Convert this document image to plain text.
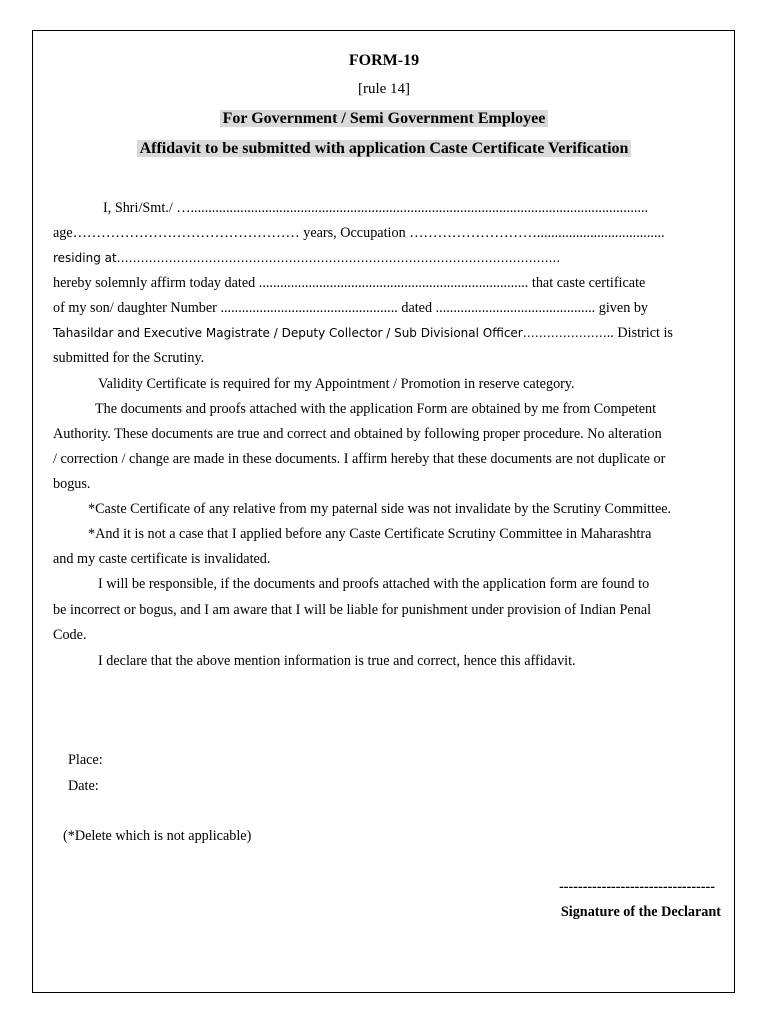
FORM-19
[rule 14]
For Government / Semi Government Employee
Affidavit to be submitted with application Caste Certificate Verification
I, Shri/Smt./ ….................................................................................................................................
age………………………………………… years, Occupation ………………………....................................
residing at………………………………………………………………………………………………...
hereby solemnly affirm today dated ............................................................................ that caste certificate
of my son/ daughter Number .................................................. dated ............................................. given by
Tahasildar and Executive Magistrate / Deputy Collector / Sub Divisional Officer………………….. District is
submitted for the Scrutiny.
Validity Certificate is required for my Appointment / Promotion in reserve category.
The documents and proofs attached with the application Form are obtained by me from Competent
Authority. These documents are true and correct and obtained by following proper procedure. No alteration
/ correction / change are made in these documents. I affirm hereby that these documents are not duplicate or
bogus.
*Caste Certificate of any relative from my paternal side was not invalidate by the Scrutiny Committee.
*And it is not a case that I applied before any Caste Certificate Scrutiny Committee in Maharashtra
and my caste certificate is invalidated.
I will be responsible, if the documents and proofs attached with the application form are found to
be incorrect or bogus, and I am aware that I will be liable for punishment under provision of Indian Penal
Code.
I declare that the above mention information is true and correct, hence this affidavit.
Place:
Date:
(*Delete which is not applicable)
---------------------------------
Signature of the Declarant
